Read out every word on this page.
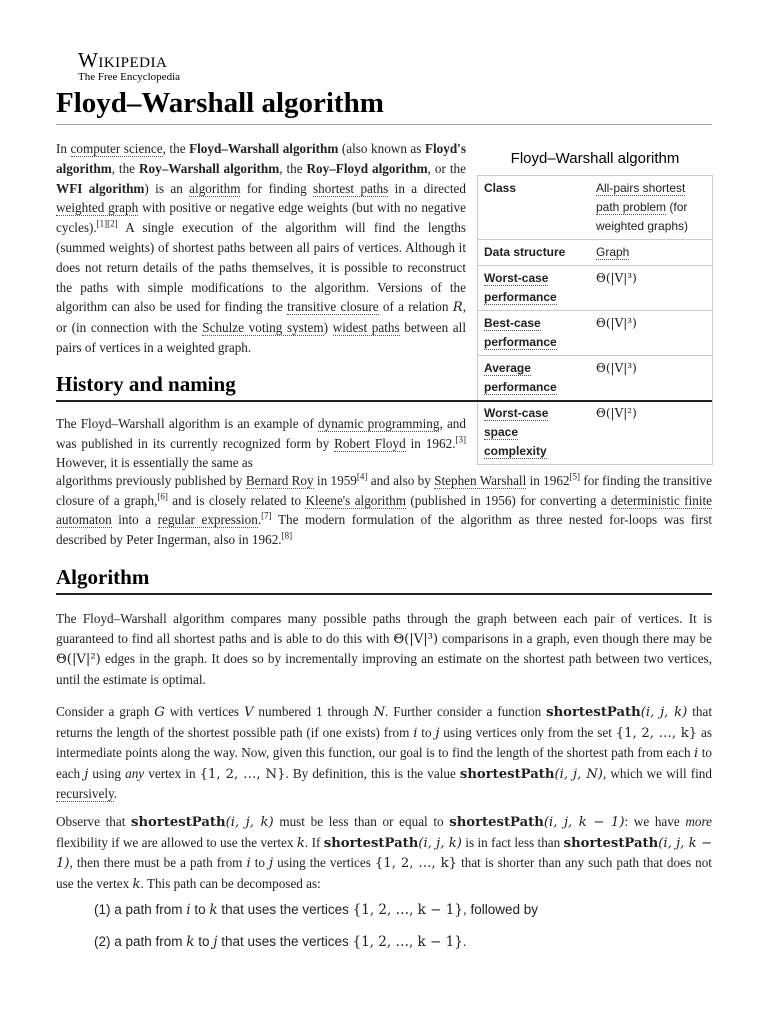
Wikipedia
The Free Encyclopedia
Floyd–Warshall algorithm

In computer science, the Floyd–Warshall algorithm (also known as Floyd's algorithm, the Roy–Warshall algorithm, the Roy–Floyd algorithm, or the WFI algorithm) is an algorithm for finding shortest paths in a directed weighted graph with positive or negative edge weights (but with no negative cycles).[1][2] A single execution of the algorithm will find the lengths (summed weights) of shortest paths between all pairs of vertices. Although it does not return details of the paths themselves, it is possible to reconstruct the paths with simple modifications to the algorithm. Versions of the algorithm can also be used for finding the transitive closure of a relation R, or (in connection with the Schulze voting system) widest paths between all pairs of vertices in a weighted graph.

Floyd–Warshall algorithm
Class	All-pairs shortest path problem (for weighted graphs)
Data structure	Graph
Worst-case performance	Θ(|V|³)
Best-case performance	Θ(|V|³)
Average performance	Θ(|V|³)
Worst-case space complexity	Θ(|V|²)
History and naming

The Floyd–Warshall algorithm is an example of dynamic programming, and was published in its currently recognized form by Robert Floyd in 1962.[3] However, it is essentially the same as

algorithms previously published by Bernard Roy in 1959[4] and also by Stephen Warshall in 1962[5] for finding the transitive closure of a graph,[6] and is closely related to Kleene's algorithm (published in 1956) for converting a deterministic finite automaton into a regular expression.[7] The modern formulation of the algorithm as three nested for-loops was first described by Peter Ingerman, also in 1962.[8]

Algorithm

The Floyd–Warshall algorithm compares many possible paths through the graph between each pair of vertices. It is guaranteed to find all shortest paths and is able to do this with Θ(|V|³) comparisons in a graph, even though there may be Θ(|V|²) edges in the graph. It does so by incrementally improving an estimate on the shortest path between two vertices, until the estimate is optimal.

Consider a graph G with vertices V numbered 1 through N. Further consider a function shortestPath(i, j, k) that returns the length of the shortest possible path (if one exists) from i to j using vertices only from the set {1, 2, …, k} as intermediate points along the way. Now, given this function, our goal is to find the length of the shortest path from each i to each j using any vertex in {1, 2, …, N}. By definition, this is the value shortestPath(i, j, N), which we will find recursively.

Observe that shortestPath(i, j, k) must be less than or equal to shortestPath(i, j, k − 1): we have more flexibility if we are allowed to use the vertex k. If shortestPath(i, j, k) is in fact less than shortestPath(i, j, k − 1), then there must be a path from i to j using the vertices {1, 2, …, k} that is shorter than any such path that does not use the vertex k. This path can be decomposed as:

(1) a path from i to k that uses the vertices {1, 2, …, k − 1}, followed by
(2) a path from k to j that uses the vertices {1, 2, …, k − 1}.
